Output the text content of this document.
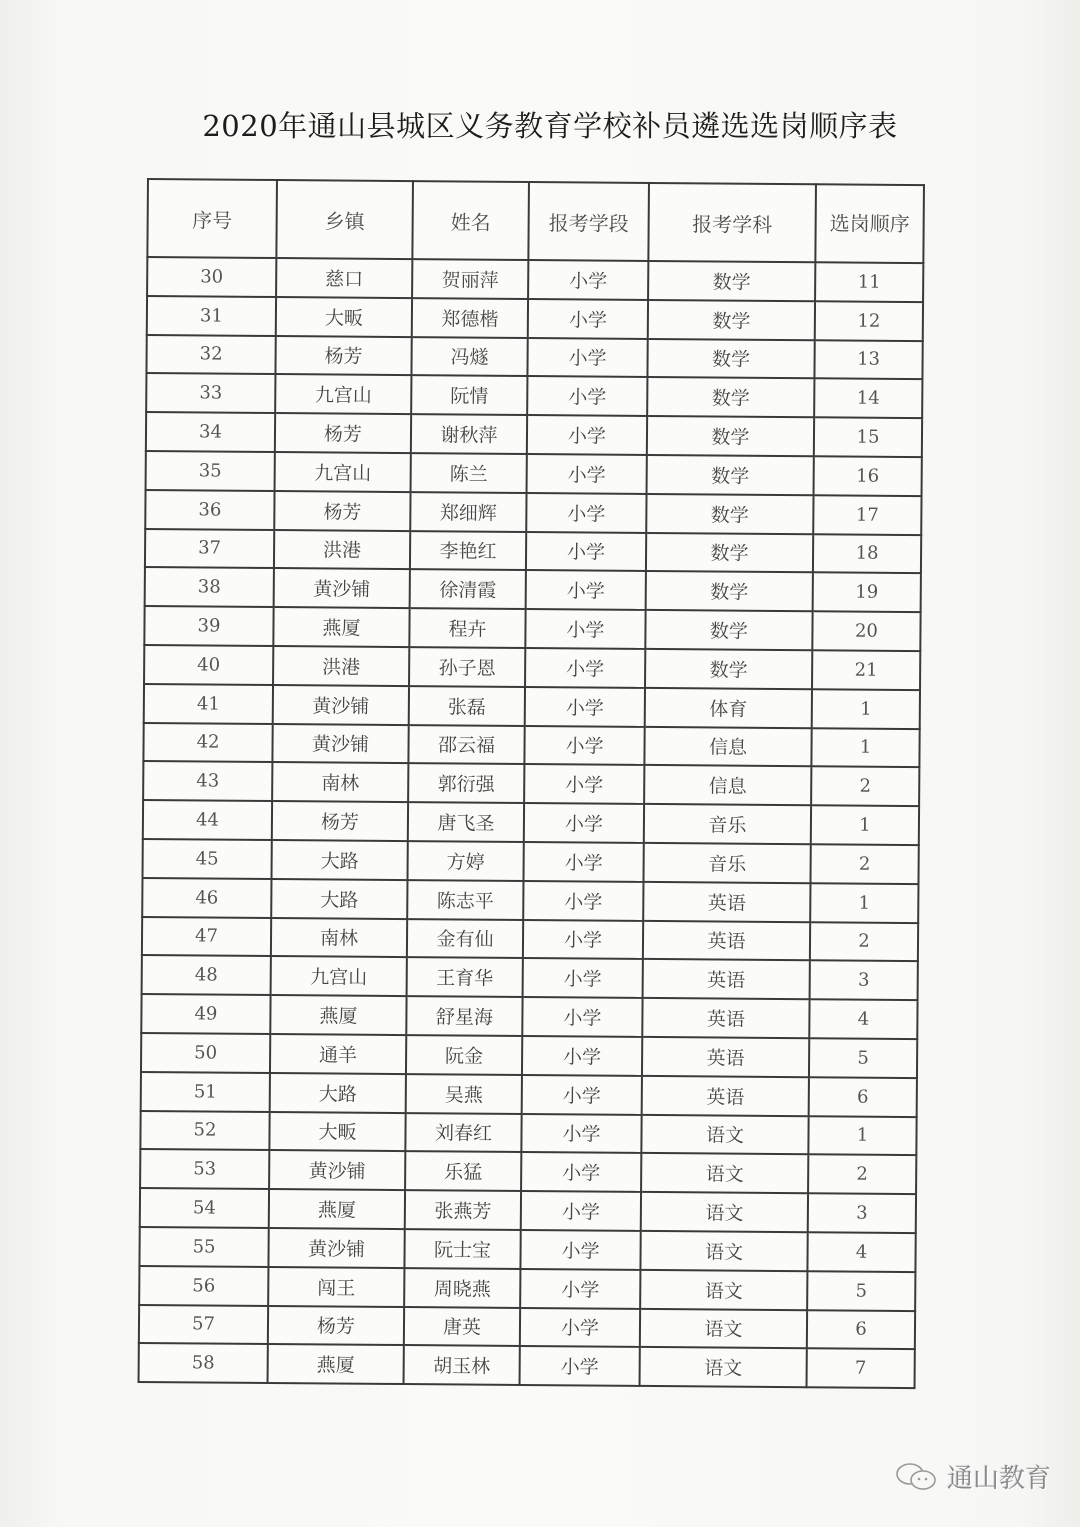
2020年通山县城区义务教育学校补员遴选选岗顺序表
序号	乡镇	姓名	报考学段	报考学科	选岗顺序
30	慈口	贺丽萍	小学	数学	11
31	大畈	郑德楷	小学	数学	12
32	杨芳	冯燧	小学	数学	13
33	九宫山	阮情	小学	数学	14
34	杨芳	谢秋萍	小学	数学	15
35	九宫山	陈兰	小学	数学	16
36	杨芳	郑细辉	小学	数学	17
37	洪港	李艳红	小学	数学	18
38	黄沙铺	徐清霞	小学	数学	19
39	燕厦	程卉	小学	数学	20
40	洪港	孙子恩	小学	数学	21
41	黄沙铺	张磊	小学	体育	1
42	黄沙铺	邵云福	小学	信息	1
43	南林	郭衍强	小学	信息	2
44	杨芳	唐飞圣	小学	音乐	1
45	大路	方婷	小学	音乐	2
46	大路	陈志平	小学	英语	1
47	南林	金有仙	小学	英语	2
48	九宫山	王育华	小学	英语	3
49	燕厦	舒星海	小学	英语	4
50	通羊	阮金	小学	英语	5
51	大路	吴燕	小学	英语	6
52	大畈	刘春红	小学	语文	1
53	黄沙铺	乐猛	小学	语文	2
54	燕厦	张燕芳	小学	语文	3
55	黄沙铺	阮士宝	小学	语文	4
56	闯王	周晓燕	小学	语文	5
57	杨芳	唐英	小学	语文	6
58	燕厦	胡玉林	小学	语文	7
通山教育
